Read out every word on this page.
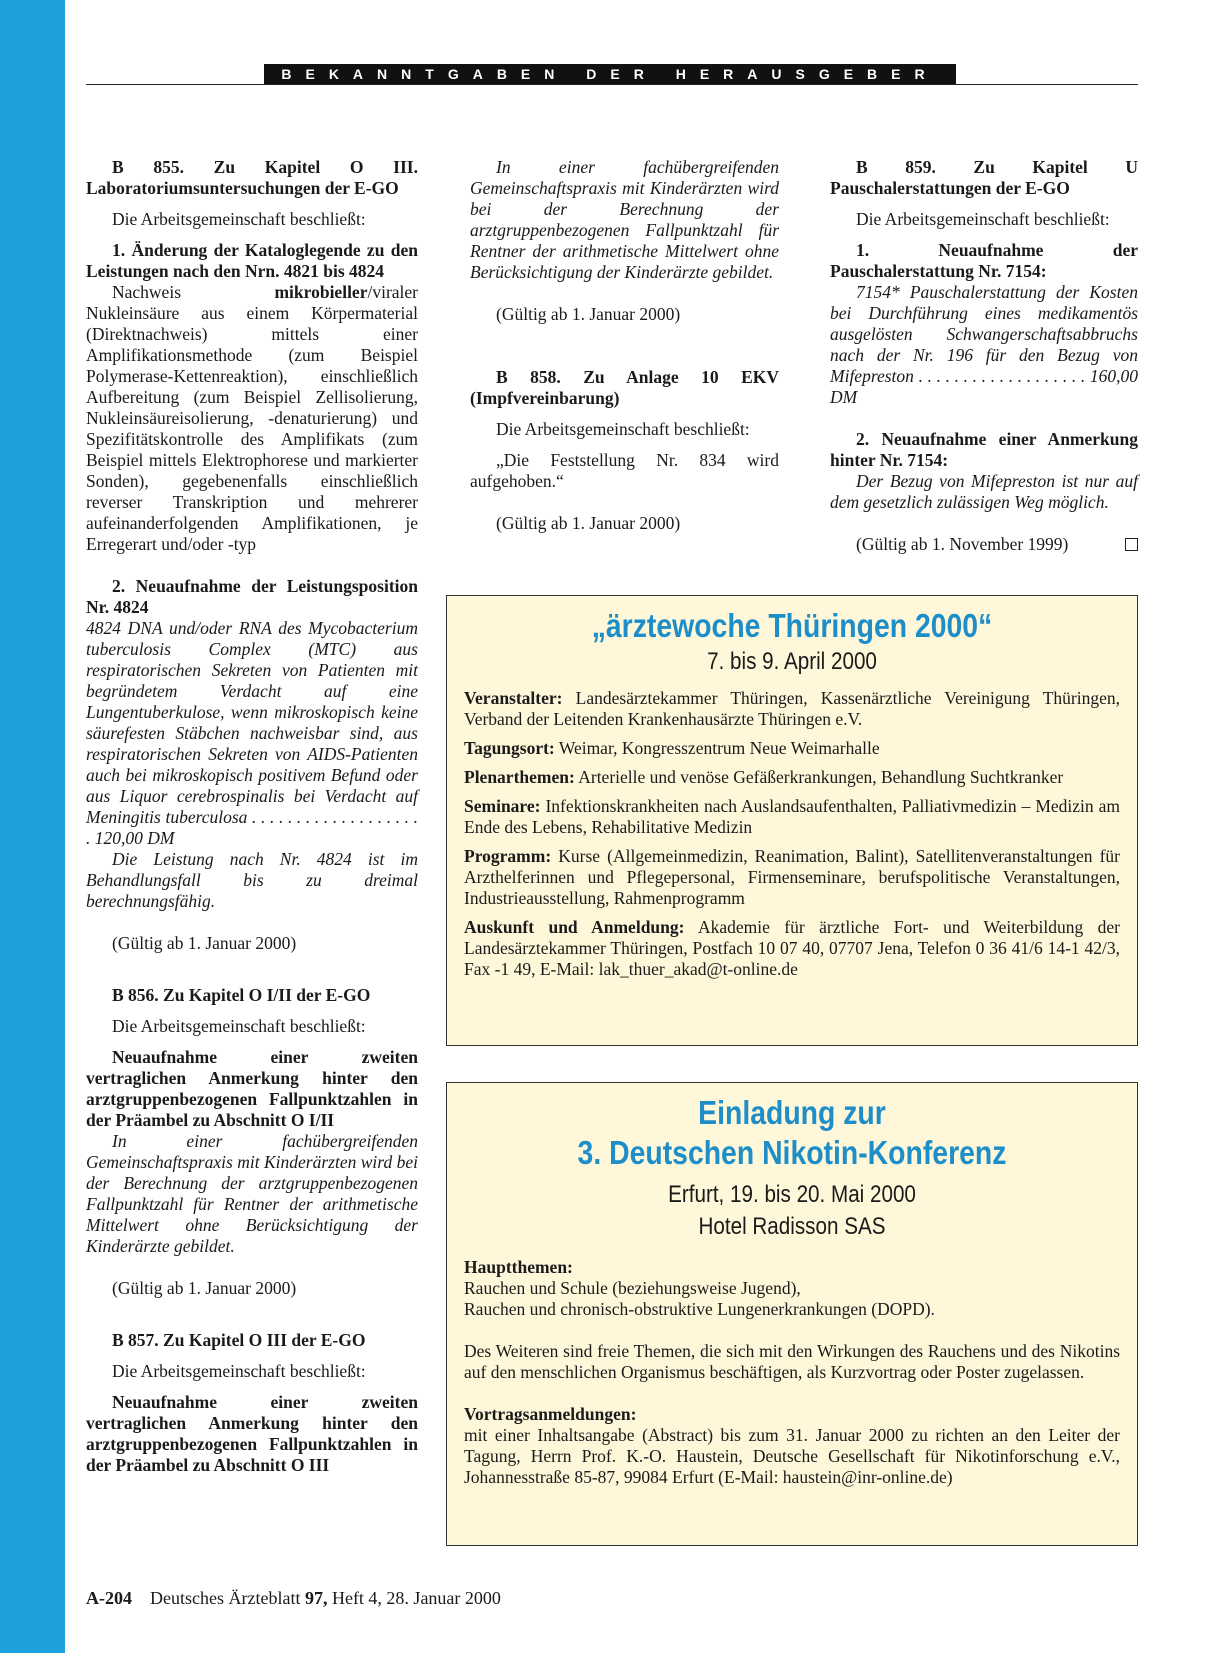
BEKANNTGABEN DER HERAUSGEBER

B 855. Zu Kapitel O III. Laboratoriumsuntersuchungen der E-GO

Die Arbeitsgemeinschaft beschließt:

1. Änderung der Kataloglegende zu den Leistungen nach den Nrn. 4821 bis 4824

Nachweis mikrobieller/viraler Nukleinsäure aus einem Körpermaterial (Direktnachweis) mittels einer Amplifikationsmethode (zum Beispiel Polymerase-Kettenreaktion), einschließlich Aufbereitung (zum Beispiel Zellisolierung, Nukleinsäureisolierung, -denaturierung) und Spezifitätskontrolle des Amplifikats (zum Beispiel mittels Elektrophorese und markierter Sonden), gegebenenfalls einschließlich reverser Transkription und mehrerer aufeinanderfolgenden Amplifikationen, je Erregerart und/oder -typ

2. Neuaufnahme der Leistungsposition Nr. 4824

4824 DNA und/oder RNA des Mycobacterium tuberculosis Complex (MTC) aus respiratorischen Sekreten von Patienten mit begründetem Verdacht auf eine Lungentuberkulose, wenn mikroskopisch keine säurefesten Stäbchen nachweisbar sind, aus respiratorischen Sekreten von AIDS-Patienten auch bei mikroskopisch positivem Befund oder aus Liquor cerebrospinalis bei Verdacht auf Meningitis tuberculosa . . . . . . . . . . . . . . . . . . . . 120,00 DM

Die Leistung nach Nr. 4824 ist im Behandlungsfall bis zu dreimal berechnungsfähig.

(Gültig ab 1. Januar 2000)

B 856. Zu Kapitel O I/II der E-GO

Die Arbeitsgemeinschaft beschließt:

Neuaufnahme einer zweiten vertraglichen Anmerkung hinter den arztgruppenbezogenen Fallpunktzahlen in der Präambel zu Abschnitt O I/II

In einer fachübergreifenden Gemeinschaftspraxis mit Kinderärzten wird bei der Berechnung der arztgruppenbezogenen Fallpunktzahl für Rentner der arithmetische Mittelwert ohne Berücksichtigung der Kinderärzte gebildet.

(Gültig ab 1. Januar 2000)

B 857. Zu Kapitel O III der E-GO

Die Arbeitsgemeinschaft beschließt:

Neuaufnahme einer zweiten vertraglichen Anmerkung hinter den arztgruppenbezogenen Fallpunktzahlen in der Präambel zu Abschnitt O III

In einer fachübergreifenden Gemeinschaftspraxis mit Kinderärzten wird bei der Berechnung der arztgruppenbezogenen Fallpunktzahl für Rentner der arithmetische Mittelwert ohne Berücksichtigung der Kinderärzte gebildet.

(Gültig ab 1. Januar 2000)

B 858. Zu Anlage 10 EKV (Impfvereinbarung)

Die Arbeitsgemeinschaft beschließt:

„Die Feststellung Nr. 834 wird aufgehoben.“

(Gültig ab 1. Januar 2000)

B 859. Zu Kapitel U Pauschalerstattungen der E-GO

Die Arbeitsgemeinschaft beschließt:

1. Neuaufnahme der Pauschalerstattung Nr. 7154:

7154* Pauschalerstattung der Kosten bei Durchführung eines medikamentös ausgelösten Schwangerschaftsabbruchs nach der Nr. 196 für den Bezug von Mifepreston . . . . . . . . . . . . . . . . . . . 160,00 DM

2. Neuaufnahme einer Anmerkung hinter Nr. 7154:

Der Bezug von Mifepreston ist nur auf dem gesetzlich zulässigen Weg möglich.

(Gültig ab 1. November 1999)

„ärztewoche Thüringen 2000“

7. bis 9. April 2000

Veranstalter: Landesärztekammer Thüringen, Kassenärztliche Vereinigung Thüringen, Verband der Leitenden Krankenhausärzte Thüringen e.V.

Tagungsort: Weimar, Kongresszentrum Neue Weimarhalle

Plenarthemen: Arterielle und venöse Gefäßerkrankungen, Behandlung Suchtkranker

Seminare: Infektionskrankheiten nach Auslandsaufenthalten, Palliativmedizin – Medizin am Ende des Lebens, Rehabilitative Medizin

Programm: Kurse (Allgemeinmedizin, Reanimation, Balint), Satellitenveranstaltungen für Arzthelferinnen und Pflegepersonal, Firmenseminare, berufspolitische Veranstaltungen, Industrieausstellung, Rahmenprogramm

Auskunft und Anmeldung: Akademie für ärztliche Fort- und Weiterbildung der Landesärztekammer Thüringen, Postfach 10 07 40, 07707 Jena, Telefon 0 36 41/6 14-1 42/3, Fax -1 49, E-Mail: lak_thuer_akad@t-online.de

Einladung zur

3. Deutschen Nikotin-Konferenz

Erfurt, 19. bis 20. Mai 2000

Hotel Radisson SAS

Hauptthemen:

Rauchen und Schule (beziehungsweise Jugend),

Rauchen und chronisch-obstruktive Lungenerkrankungen (DOPD).

Des Weiteren sind freie Themen, die sich mit den Wirkungen des Rauchens und des Nikotins auf den menschlichen Organismus beschäftigen, als Kurzvortrag oder Poster zugelassen.

Vortragsanmeldungen:

mit einer Inhaltsangabe (Abstract) bis zum 31. Januar 2000 zu richten an den Leiter der Tagung, Herrn Prof. K.-O. Haustein, Deutsche Gesellschaft für Nikotinforschung e.V., Johannesstraße 85-87, 99084 Erfurt (E-Mail: haustein@inr-online.de)

A-204 Deutsches Ärzteblatt 97, Heft 4, 28. Januar 2000
